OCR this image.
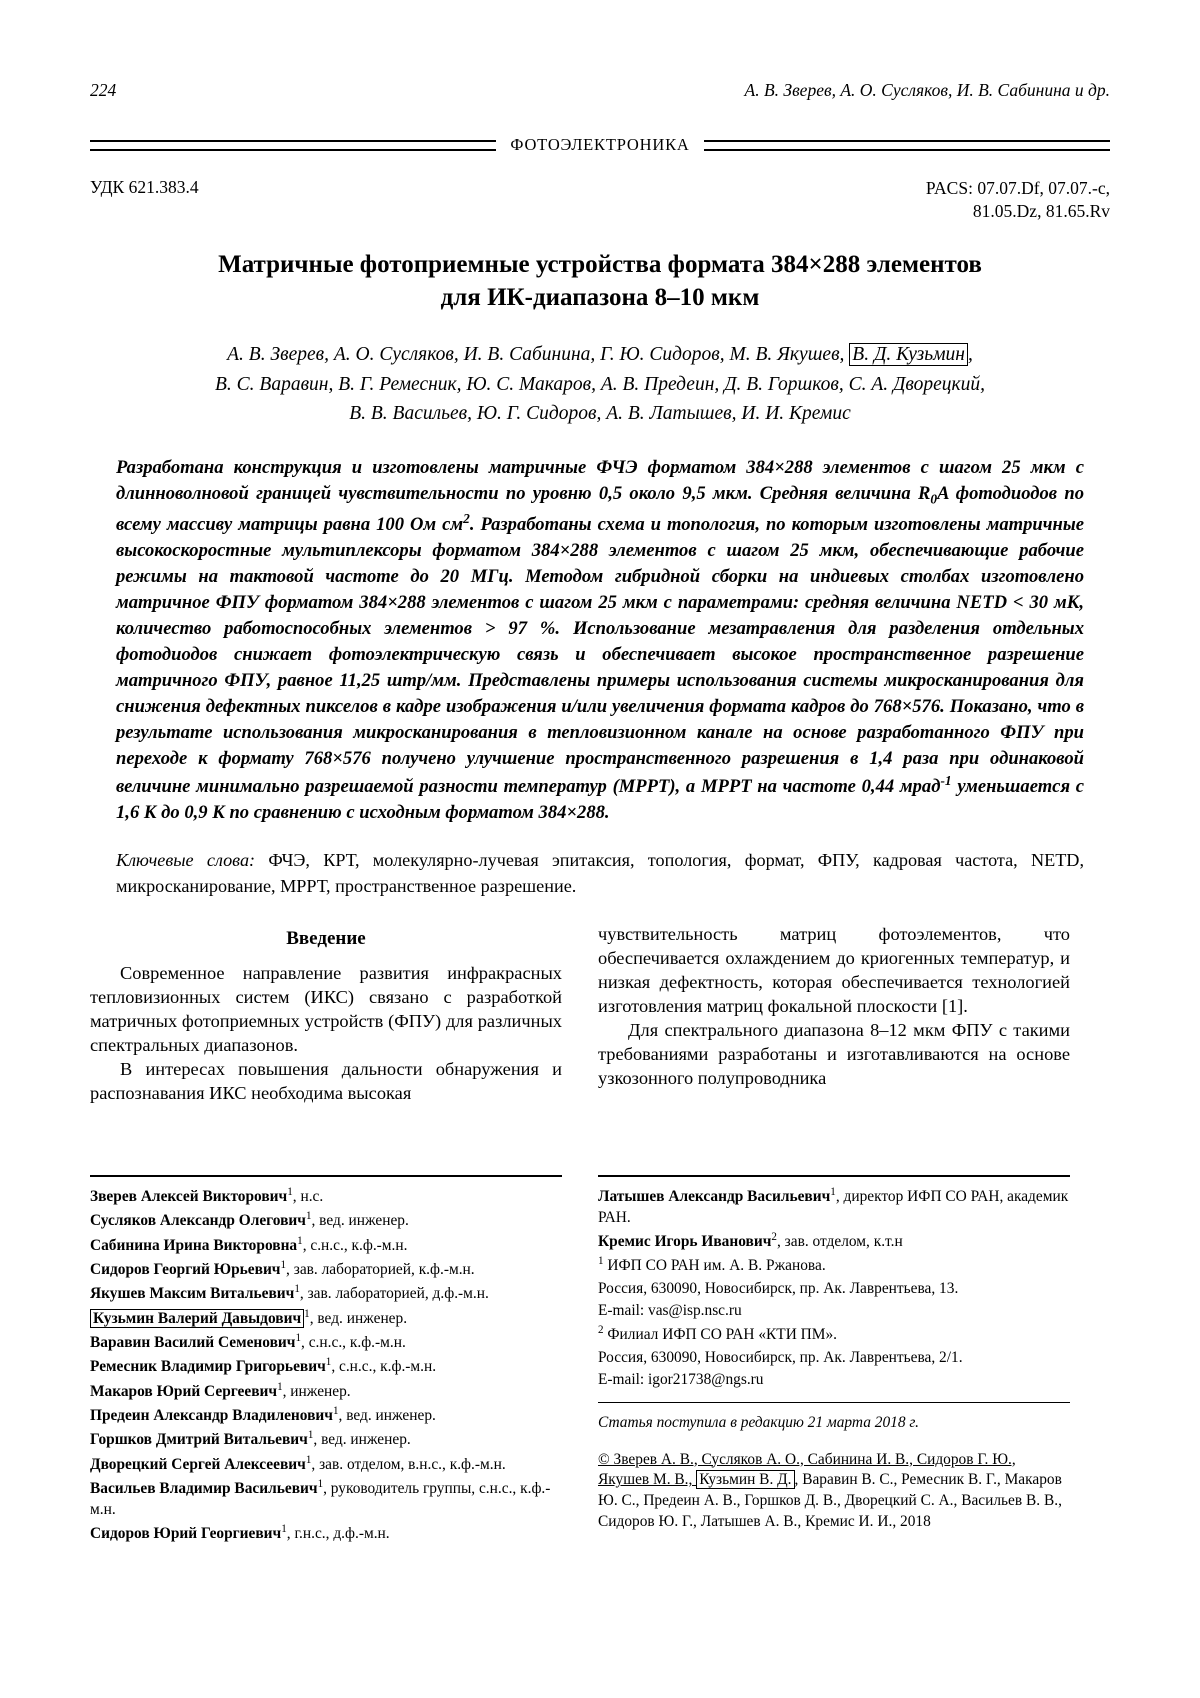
224	А. В. Зверев, А. О. Сусляков, И. В. Сабинина и др.
ФОТОЭЛЕКТРОНИКА
УДК 621.383.4	PACS: 07.07.Df, 07.07.-c,
81.05.Dz, 81.65.Rv
Матричные фотоприемные устройства формата 384×288 элементов
для ИК-диапазона 8–10 мкм
А. В. Зверев, А. О. Сусляков, И. В. Сабинина, Г. Ю. Сидоров, М. В. Якушев, В. Д. Кузьмин ,
В. С. Варавин, В. Г. Ремесник, Ю. С. Макаров, А. В. Предеин, Д. В. Горшков, С. А. Дворецкий,
В. В. Васильев, Ю. Г. Сидоров, А. В. Латышев, И. И. Кремис
Разработана конструкция и изготовлены матричные ФЧЭ форматом 384×288 элементов с шагом 25 мкм с длинноволновой границей чувствительности по уровню 0,5 около 9,5 мкм. Средняя величина $R_0A$ фотодиодов по всему массиву матрицы равна 100 Ом $см^2$. Разработаны схема и топология, по которым изготовлены матричные высокоскоростные мультиплексоры форматом 384×288 элементов с шагом 25 мкм, обеспечивающие рабочие режимы на тактовой частоте до 20 МГц. Методом гибридной сборки на индиевых столбах изготовлено матричное ФПУ форматом 384×288 элементов с шагом 25 мкм с параметрами: средняя величина NETD < 30 мК, количество работоспособных элементов > 97 %. Использование мезатравления для разделения отдельных фотодиодов снижает фотоэлектрическую связь и обеспечивает высокое пространственное разрешение матричного ФПУ, равное 11,25 штр/мм. Представлены примеры использования системы микросканирования для снижения дефектных пикселов в кадре изображения и/или увеличения формата кадров до 768×576. Показано, что в результате использования микросканирования в тепловизионном канале на основе разработанного ФПУ при переходе к формату 768×576 получено улучшение пространственного разрешения в 1,4 раза при одинаковой величине минимально разрешаемой разности температур (МРРТ), а МРРТ на частоте 0,44 мрад$^{-1}$ уменьшается с 1,6 К до 0,9 К по сравнению с исходным форматом 384×288.
Ключевые слова: ФЧЭ, КРТ, молекулярно-лучевая эпитаксия, топология, формат, ФПУ, кадровая частота, NETD, микросканирование, МРРТ, пространственное разрешение.
Введение

Современное направление развития инфракрасных тепловизионных систем (ИКС) связано с разработкой матричных фотоприемных устройств (ФПУ) для различных спектральных диапазонов.

В интересах повышения дальности обнаружения и распознавания ИКС необходима высокая

чувствительность матриц фотоэлементов, что обеспечивается охлаждением до криогенных температур, и низкая дефектность, которая обеспечивается технологией изготовления матриц фокальной плоскости [1].

Для спектрального диапазона 8–12 мкм ФПУ с такими требованиями разработаны и изготавливаются на основе узкозонного полупроводника

Зверев Алексей Викторович$^1$, н.с.

Сусляков Александр Олегович$^1$, вед. инженер.

Сабинина Ирина Викторовна$^1$, с.н.с., к.ф.-м.н.

Сидоров Георгий Юрьевич$^1$, зав. лабораторией, к.ф.-м.н.

Якушев Максим Витальевич$^1$, зав. лабораторией, д.ф.-м.н.

Кузьмин Валерий Давыдович $^1$, вед. инженер.

Варавин Василий Семенович$^1$, с.н.с., к.ф.-м.н.

Ремесник Владимир Григорьевич$^1$, с.н.с., к.ф.-м.н.

Макаров Юрий Сергеевич$^1$, инженер.

Предеин Александр Владиленович$^1$, вед. инженер.

Горшков Дмитрий Витальевич$^1$, вед. инженер.

Дворецкий Сергей Алексеевич$^1$, зав. отделом, в.н.с., к.ф.-м.н.

Васильев Владимир Васильевич$^1$, руководитель группы, с.н.с., к.ф.-м.н.

Сидоров Юрий Георгиевич$^1$, г.н.с., д.ф.-м.н.

Латышев Александр Васильевич$^1$, директор ИФП СО РАН, академик РАН.

Кремис Игорь Иванович$^2$, зав. отделом, к.т.н

$^1$ ИФП СО РАН им. А. В. Ржанова.

Россия, 630090, Новосибирск, пр. Ак. Лаврентьева, 13.

E-mail: vas@isp.nsc.ru

$^2$ Филиал ИФП СО РАН «КТИ ПМ».

Россия, 630090, Новосибирск, пр. Ак. Лаврентьева, 2/1.

E-mail: igor21738@ngs.ru

Статья поступила в редакцию 21 марта 2018 г.

© Зверев А. В., Сусляков А. О., Сабинина И. В., Сидоров Г. Ю., Якушев М. В., Кузьмин В. Д. , Варавин В. С., Ремесник В. Г., Макаров Ю. С., Предеин А. В., Горшков Д. В., Дворецкий С. А., Васильев В. В., Сидоров Ю. Г., Латышев А. В., Кремис И. И., 2018
